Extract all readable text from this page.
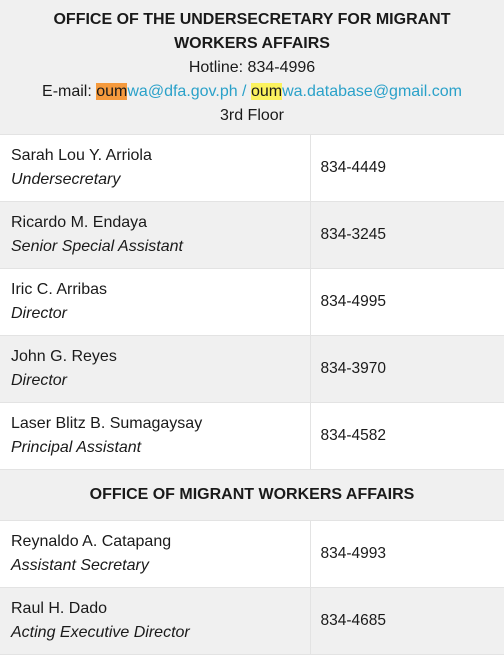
OFFICE OF THE UNDERSECRETARY FOR MIGRANT WORKERS AFFAIRS
Hotline: 834-4996
E-mail: oumwa@dfa.gov.ph / oumwa.database@gmail.com
3rd Floor	

Sarah Lou Y. Arriola
Undersecretary	834-4449

Ricardo M. Endaya
Senior Special Assistant	834-3245

Iric C. Arribas
Director	834-4995

John G. Reyes
Director	834-3970

Laser Blitz B. Sumagaysay
Principal Assistant	834-4582
OFFICE OF MIGRANT WORKERS AFFAIRS	

Reynaldo A. Catapang
Assistant Secretary	834-4993

Raul H. Dado
Acting Executive Director	834-4685
